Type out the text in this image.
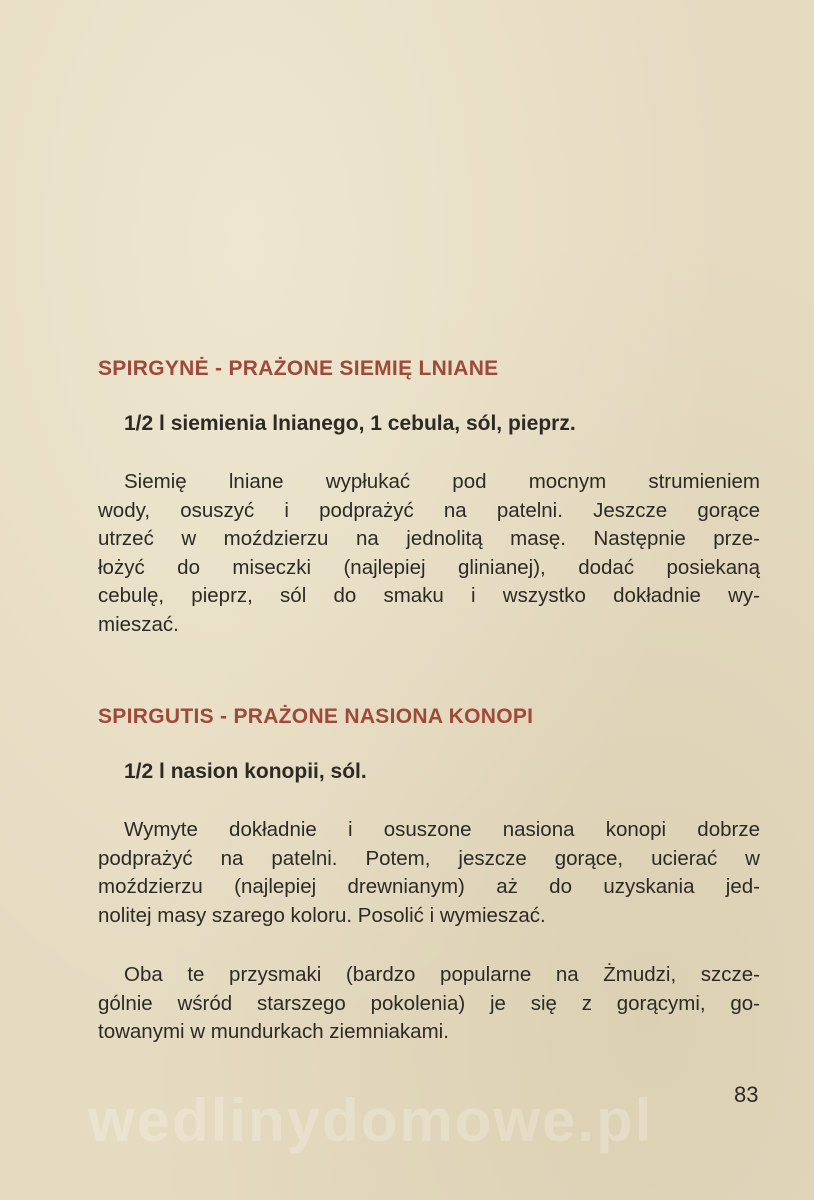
SPIRGYNĖ - PRAŻONE SIEMIĘ LNIANE

1/2 l siemienia lnianego, 1 cebula, sól, pieprz.

Siemię lniane wypłukać pod mocnym strumieniem
wody, osuszyć i podprażyć na patelni. Jeszcze gorące
utrzeć w moździerzu na jednolitą masę. Następnie prze-
łożyć do miseczki (najlepiej glinianej), dodać posiekaną
cebulę, pieprz, sól do smaku i wszystko dokładnie wy-
mieszać.
SPIRGUTIS - PRAŻONE NASIONA KONOPI

1/2 l nasion konopii, sól.

Wymyte dokładnie i osuszone nasiona konopi dobrze
podprażyć na patelni. Potem, jeszcze gorące, ucierać w
moździerzu (najlepiej drewnianym) aż do uzyskania jed-
nolitej masy szarego koloru. Posolić i wymieszać.
Oba te przysmaki (bardzo popularne na Żmudzi, szcze-
gólnie wśród starszego pokolenia) je się z gorącymi, go-
towanymi w mundurkach ziemniakami.

wedlinydomowe.pl	83
